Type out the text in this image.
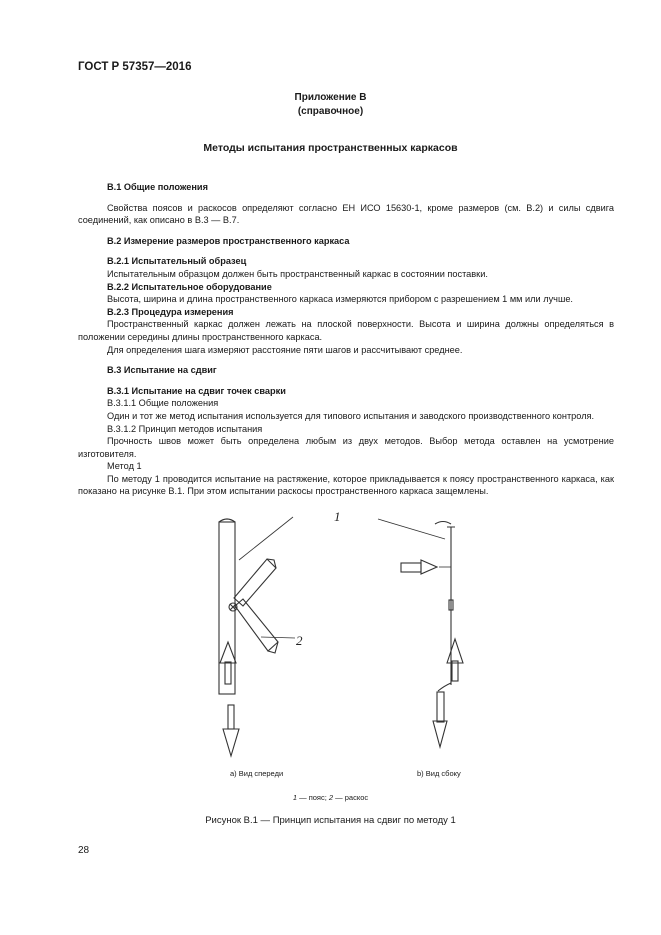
ГОСТ Р 57357—2016
Приложение В
(справочное)
Методы испытания пространственных каркасов

В.1 Общие положения

Свойства поясов и раскосов определяют согласно ЕН ИСО 15630-1, кроме размеров (см. В.2) и силы сдвига соединений, как описано в В.3 — В.7.

В.2 Измерение размеров пространственного каркаса

В.2.1 Испытательный образец

Испытательным образцом должен быть пространственный каркас в состоянии поставки.

В.2.2 Испытательное оборудование

Высота, ширина и длина пространственного каркаса измеряются прибором с разрешением 1 мм или лучше.

В.2.3 Процедура измерения

Пространственный каркас должен лежать на плоской поверхности. Высота и ширина должны определяться в положении середины длины пространственного каркаса.

Для определения шага измеряют расстояние пяти шагов и рассчитывают среднее.

В.3 Испытание на сдвиг

В.3.1 Испытание на сдвиг точек сварки

В.3.1.1 Общие положения

Один и тот же метод испытания используется для типового испытания и заводского производственного контроля.

В.3.1.2 Принцип методов испытания

Прочность швов может быть определена любым из двух методов. Выбор метода оставлен на усмотрение изготовителя.

Метод 1

По методу 1 проводится испытание на растяжение, которое прикладывается к поясу пространственного каркаса, как показано на рисунке В.1. При этом испытании раскосы пространственного каркаса защемлены.

1
2
а) Вид спереди	b) Вид сбоку
1 — пояс; 2 — раскос
Рисунок В.1 — Принцип испытания на сдвиг по методу 1
28
